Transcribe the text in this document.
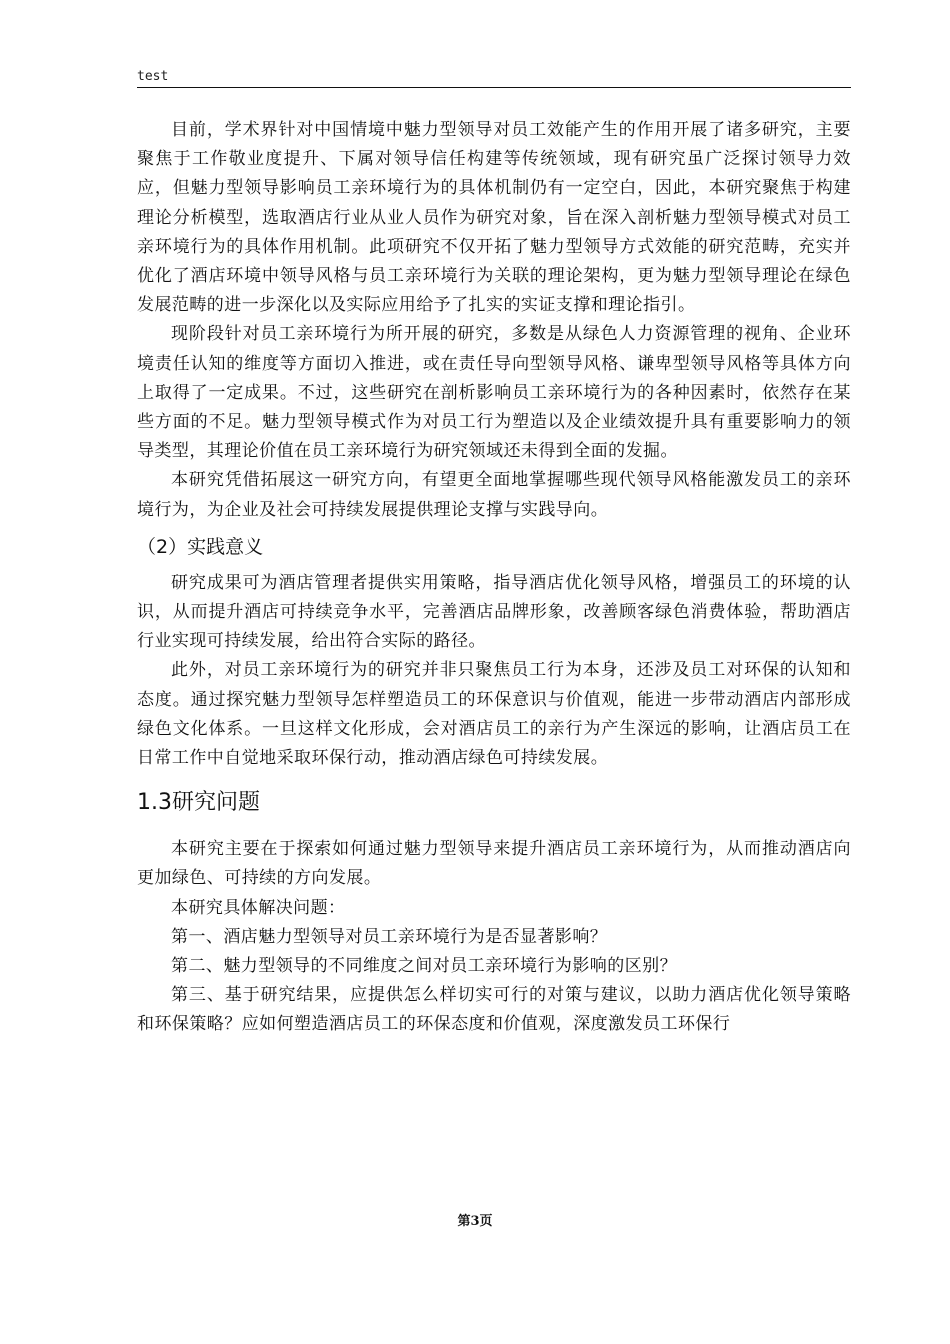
test

目前，学术界针对中国情境中魅力型领导对员工效能产生的作用开展了诸多研究，主要聚焦于工作敬业度提升、下属对领导信任构建等传统领域，现有研究虽广泛探讨领导力效应，但魅力型领导影响员工亲环境行为的具体机制仍有一定空白，因此，本研究聚焦于构建理论分析模型，选取酒店行业从业人员作为研究对象，旨在深入剖析魅力型领导模式对员工亲环境行为的具体作用机制。此项研究不仅开拓了魅力型领导方式效能的研究范畴，充实并优化了酒店环境中领导风格与员工亲环境行为关联的理论架构，更为魅力型领导理论在绿色发展范畴的进一步深化以及实际应用给予了扎实的实证支撑和理论指引。

现阶段针对员工亲环境行为所开展的研究，多数是从绿色人力资源管理的视角、企业环境责任认知的维度等方面切入推进，或在责任导向型领导风格、谦卑型领导风格等具体方向上取得了一定成果。不过，这些研究在剖析影响员工亲环境行为的各种因素时，依然存在某些方面的不足。魅力型领导模式作为对员工行为塑造以及企业绩效提升具有重要影响力的领导类型，其理论价值在员工亲环境行为研究领域还未得到全面的发掘。

本研究凭借拓展这一研究方向，有望更全面地掌握哪些现代领导风格能激发员工的亲环境行为，为企业及社会可持续发展提供理论支撑与实践导向。

（2）实践意义

研究成果可为酒店管理者提供实用策略，指导酒店优化领导风格，增强员工的环境的认识，从而提升酒店可持续竞争水平，完善酒店品牌形象，改善顾客绿色消费体验，帮助酒店行业实现可持续发展，给出符合实际的路径。

此外，对员工亲环境行为的研究并非只聚焦员工行为本身，还涉及员工对环保的认知和态度。通过探究魅力型领导怎样塑造员工的环保意识与价值观，能进一步带动酒店内部形成绿色文化体系。一旦这样文化形成，会对酒店员工的亲行为产生深远的影响，让酒店员工在日常工作中自觉地采取环保行动，推动酒店绿色可持续发展。

1.3研究问题

本研究主要在于探索如何通过魅力型领导来提升酒店员工亲环境行为，从而推动酒店向更加绿色、可持续的方向发展。

本研究具体解决问题：

第一、酒店魅力型领导对员工亲环境行为是否显著影响？

第二、魅力型领导的不同维度之间对员工亲环境行为影响的区别？

第三、基于研究结果，应提供怎么样切实可行的对策与建议，以助力酒店优化领导策略和环保策略？应如何塑造酒店员工的环保态度和价值观，深度激发员工环保行

第3页
